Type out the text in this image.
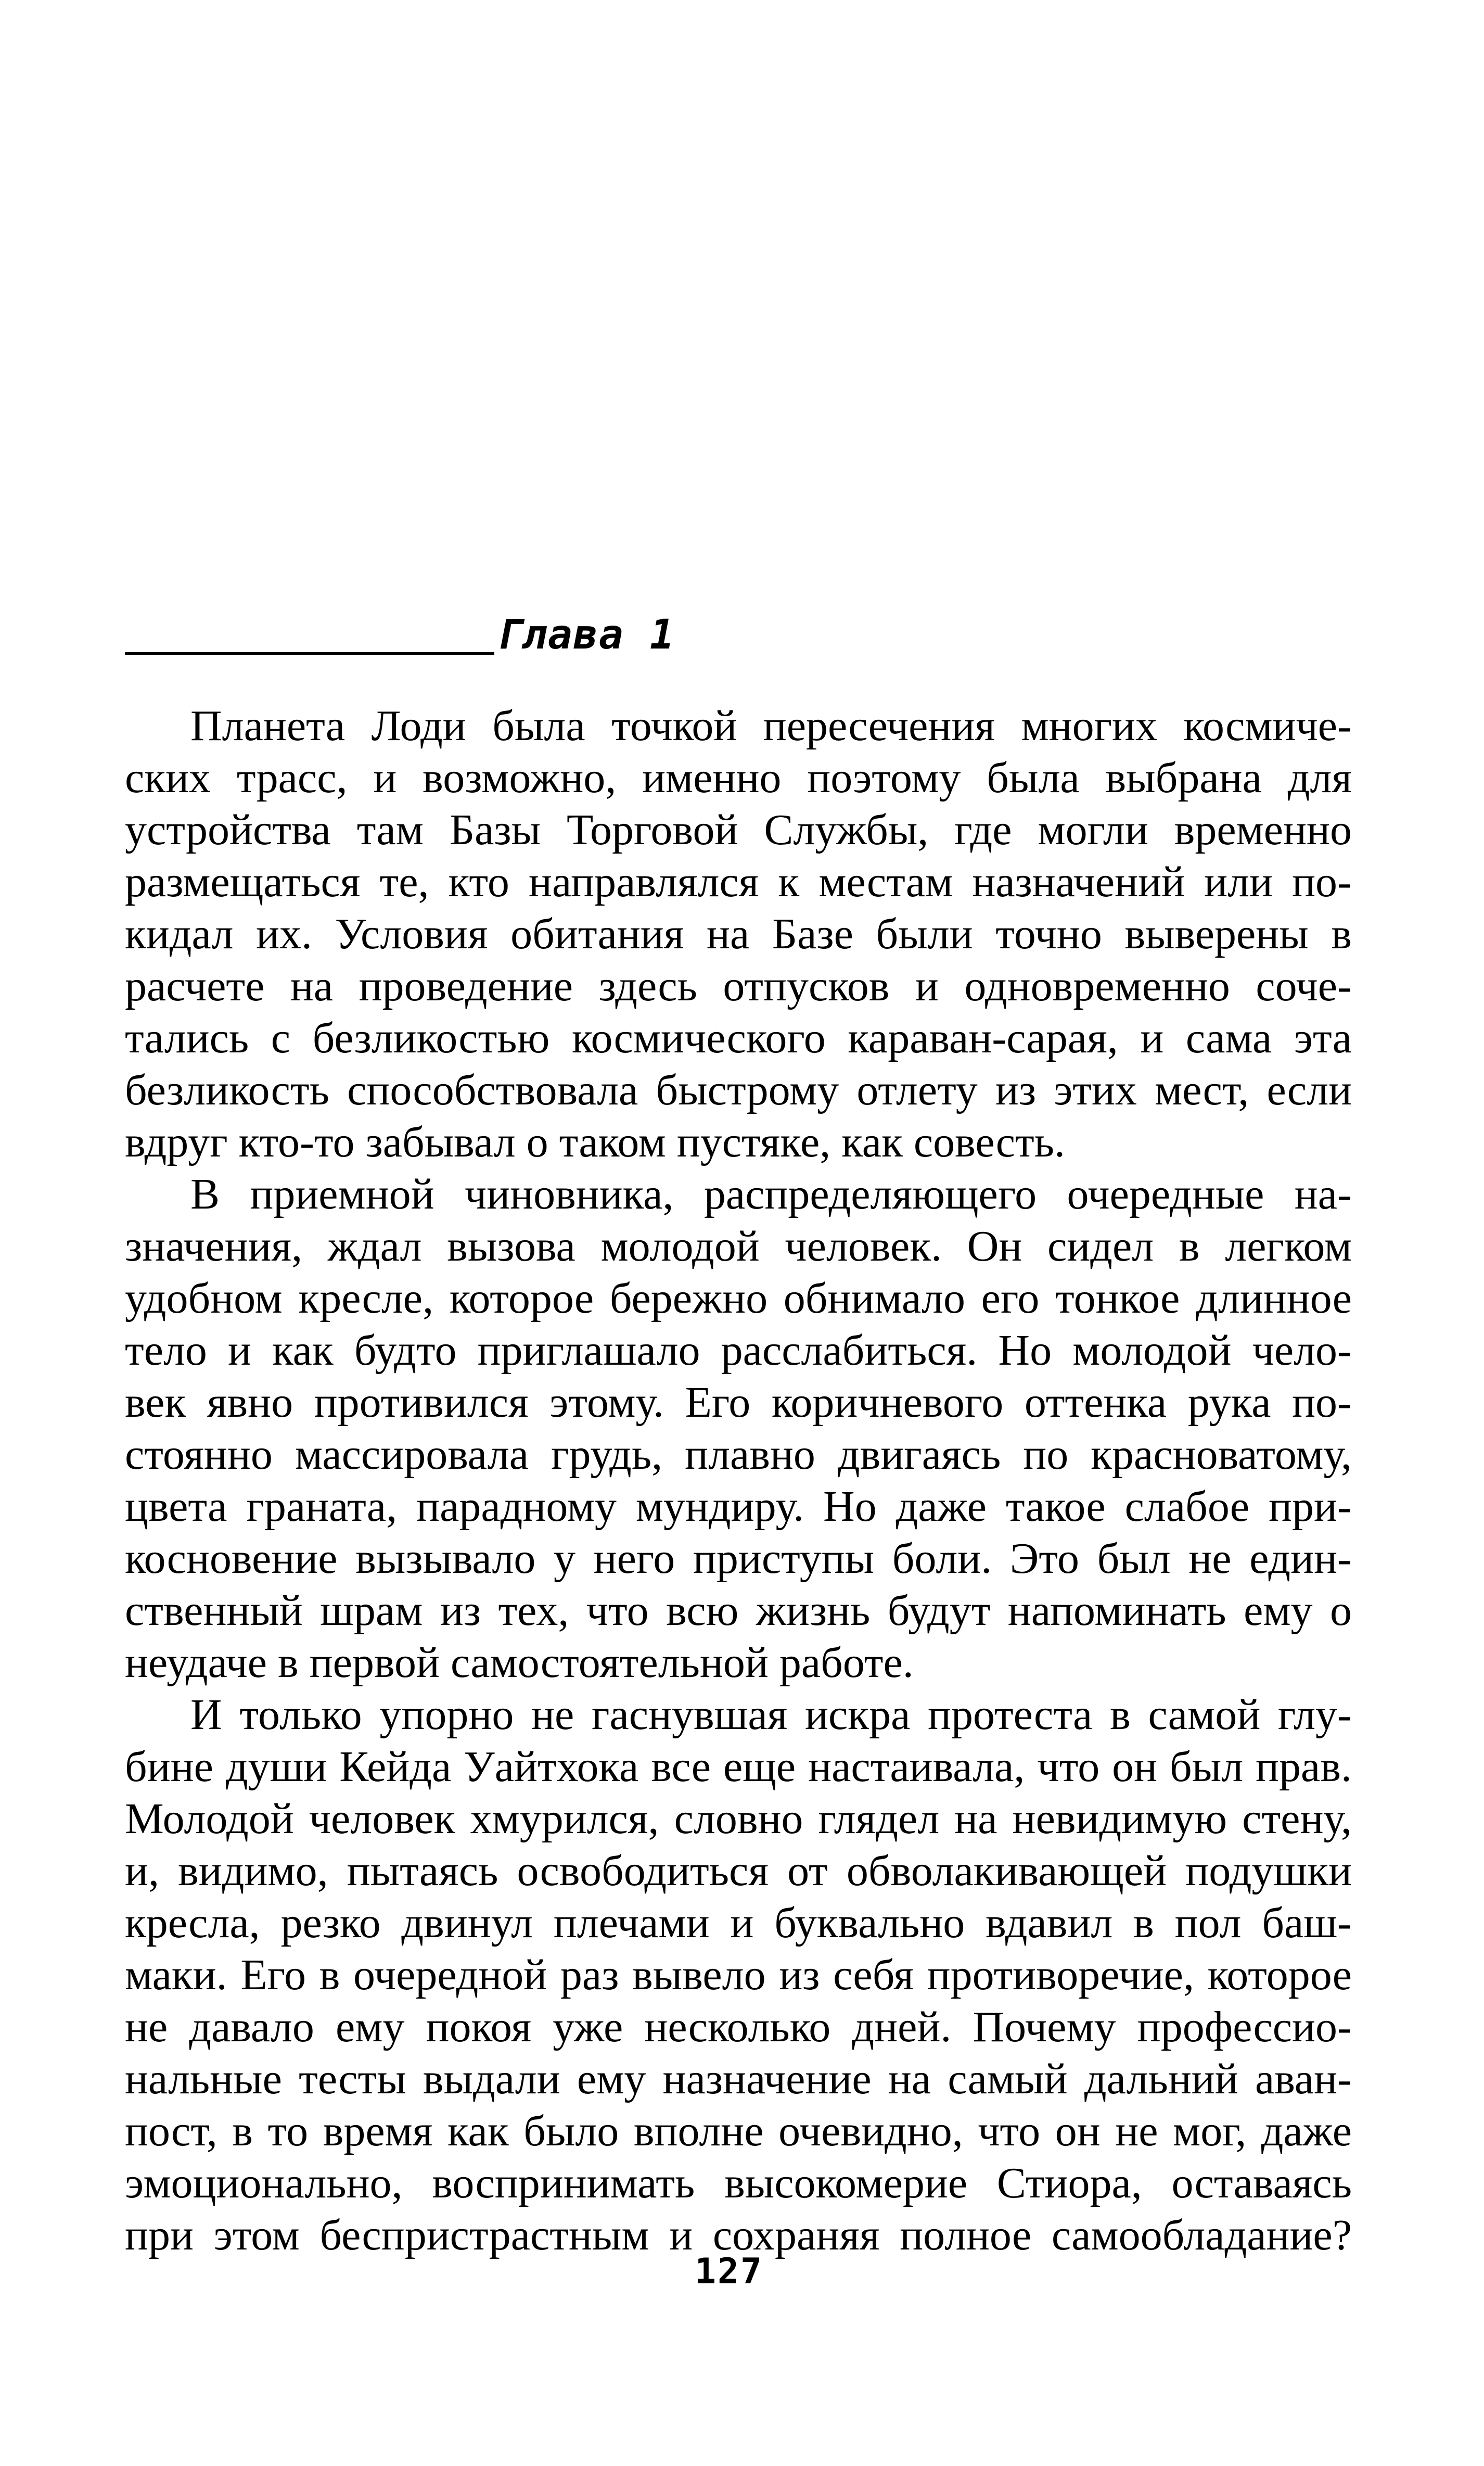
Глава 1

Планета Лоди была точкой пересечения многих космиче-
ских трасс, и возможно, именно поэтому была выбрана для
устройства там Базы Торговой Службы, где могли временно
размещаться те, кто направлялся к местам назначений или по-
кидал их. Условия обитания на Базе были точно выверены в
расчете на проведение здесь отпусков и одновременно соче-
тались с безликостью космического караван-сарая, и сама эта
безликость способствовала быстрому отлету из этих мест, если
вдруг кто-то забывал о таком пустяке, как совесть.

В приемной чиновника, распределяющего очередные на-
значения, ждал вызова молодой человек. Он сидел в легком
удобном кресле, которое бережно обнимало его тонкое длинное
тело и как будто приглашало расслабиться. Но молодой чело-
век явно противился этому. Его коричневого оттенка рука по-
стоянно массировала грудь, плавно двигаясь по красноватому,
цвета граната, парадному мундиру. Но даже такое слабое при-
косновение вызывало у него приступы боли. Это был не един-
ственный шрам из тех, что всю жизнь будут напоминать ему о
неудаче в первой самостоятельной работе.

И только упорно не гаснувшая искра протеста в самой глу-
бине души Кейда Уайтхока все еще настаивала, что он был прав.
Молодой человек хмурился, словно глядел на невидимую стену,
и, видимо, пытаясь освободиться от обволакивающей подушки
кресла, резко двинул плечами и буквально вдавил в пол баш-
маки. Его в очередной раз вывело из себя противоречие, которое
не давало ему покоя уже несколько дней. Почему профессио-
нальные тесты выдали ему назначение на самый дальний аван-
пост, в то время как было вполне очевидно, что он не мог, даже
эмоционально, воспринимать высокомерие Стиора, оставаясь
при этом беспристрастным и сохраняя полное самообладание?

127
